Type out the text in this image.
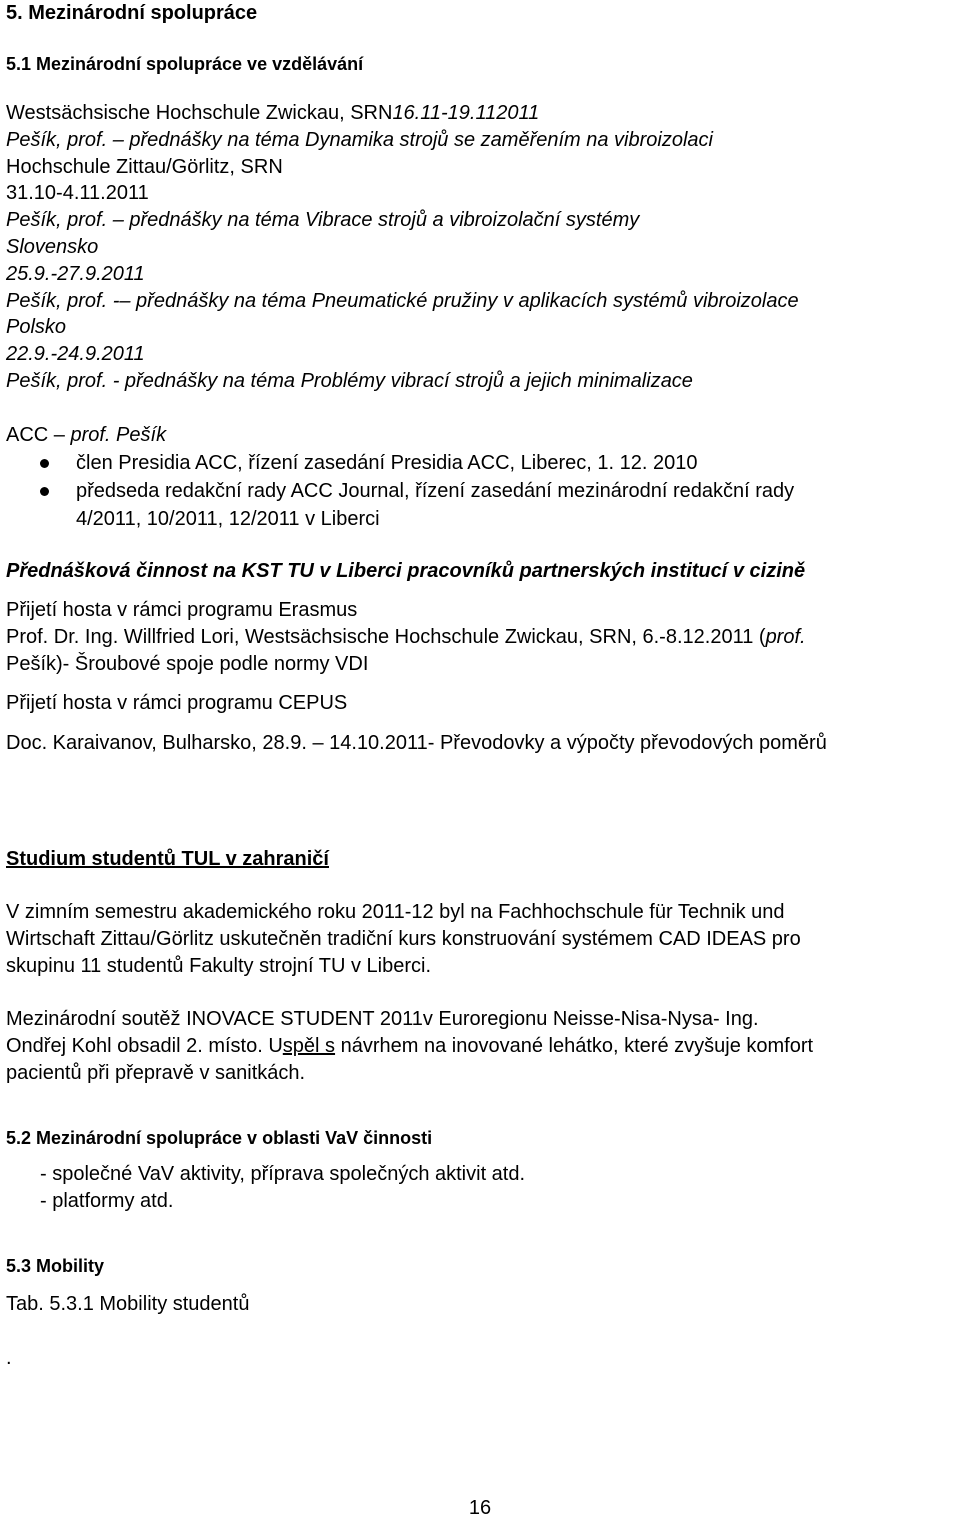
5. Mezinárodní spolupráce
5.1 Mezinárodní spolupráce ve vzdělávání
Westsächsische Hochschule Zwickau, SRN16.11-19.112011
Pešík, prof. – přednášky na téma Dynamika strojů se zaměřením na vibroizolaci
Hochschule Zittau/Görlitz, SRN
31.10-4.11.2011
Pešík, prof. – přednášky na téma Vibrace strojů a vibroizolační systémy
Slovensko
25.9.-27.9.2011
Pešík, prof. -– přednášky na téma Pneumatické pružiny v aplikacích systémů vibroizolace
Polsko
22.9.-24.9.2011
Pešík, prof. - přednášky na téma Problémy vibrací strojů a jejich minimalizace
ACC – prof. Pešík
člen Presidia ACC, řízení zasedání Presidia ACC, Liberec, 1. 12. 2010
předseda redakční rady ACC Journal, řízení zasedání mezinárodní redakční rady
4/2011, 10/2011, 12/2011 v Liberci
Přednášková činnost na KST TU v Liberci pracovníků partnerských institucí v cizině
Přijetí hosta v rámci programu Erasmus
Prof. Dr. Ing. Willfried Lori, Westsächsische Hochschule Zwickau, SRN, 6.-8.12.2011 (prof.
Pešík)- Šroubové spoje podle normy VDI
Přijetí hosta v rámci programu CEPUS
Doc. Karaivanov, Bulharsko, 28.9. – 14.10.2011- Převodovky a výpočty převodových poměrů
Studium studentů TUL v zahraničí
V zimním semestru akademického roku 2011-12 byl na Fachhochschule für Technik und
Wirtschaft Zittau/Görlitz uskutečněn tradiční kurs konstruování systémem CAD IDEAS pro
skupinu 11 studentů Fakulty strojní TU v Liberci.
Mezinárodní soutěž INOVACE STUDENT 2011v Euroregionu Neisse-Nisa-Nysa- Ing.
Ondřej Kohl obsadil 2. místo. Uspěl s návrhem na inovované lehátko, které zvyšuje komfort
pacientů při přepravě v sanitkách.
5.2 Mezinárodní spolupráce v oblasti VaV činnosti
- společné VaV aktivity, příprava společných aktivit atd.
- platformy atd.
5.3 Mobility
Tab. 5.3.1 Mobility studentů
.
16
